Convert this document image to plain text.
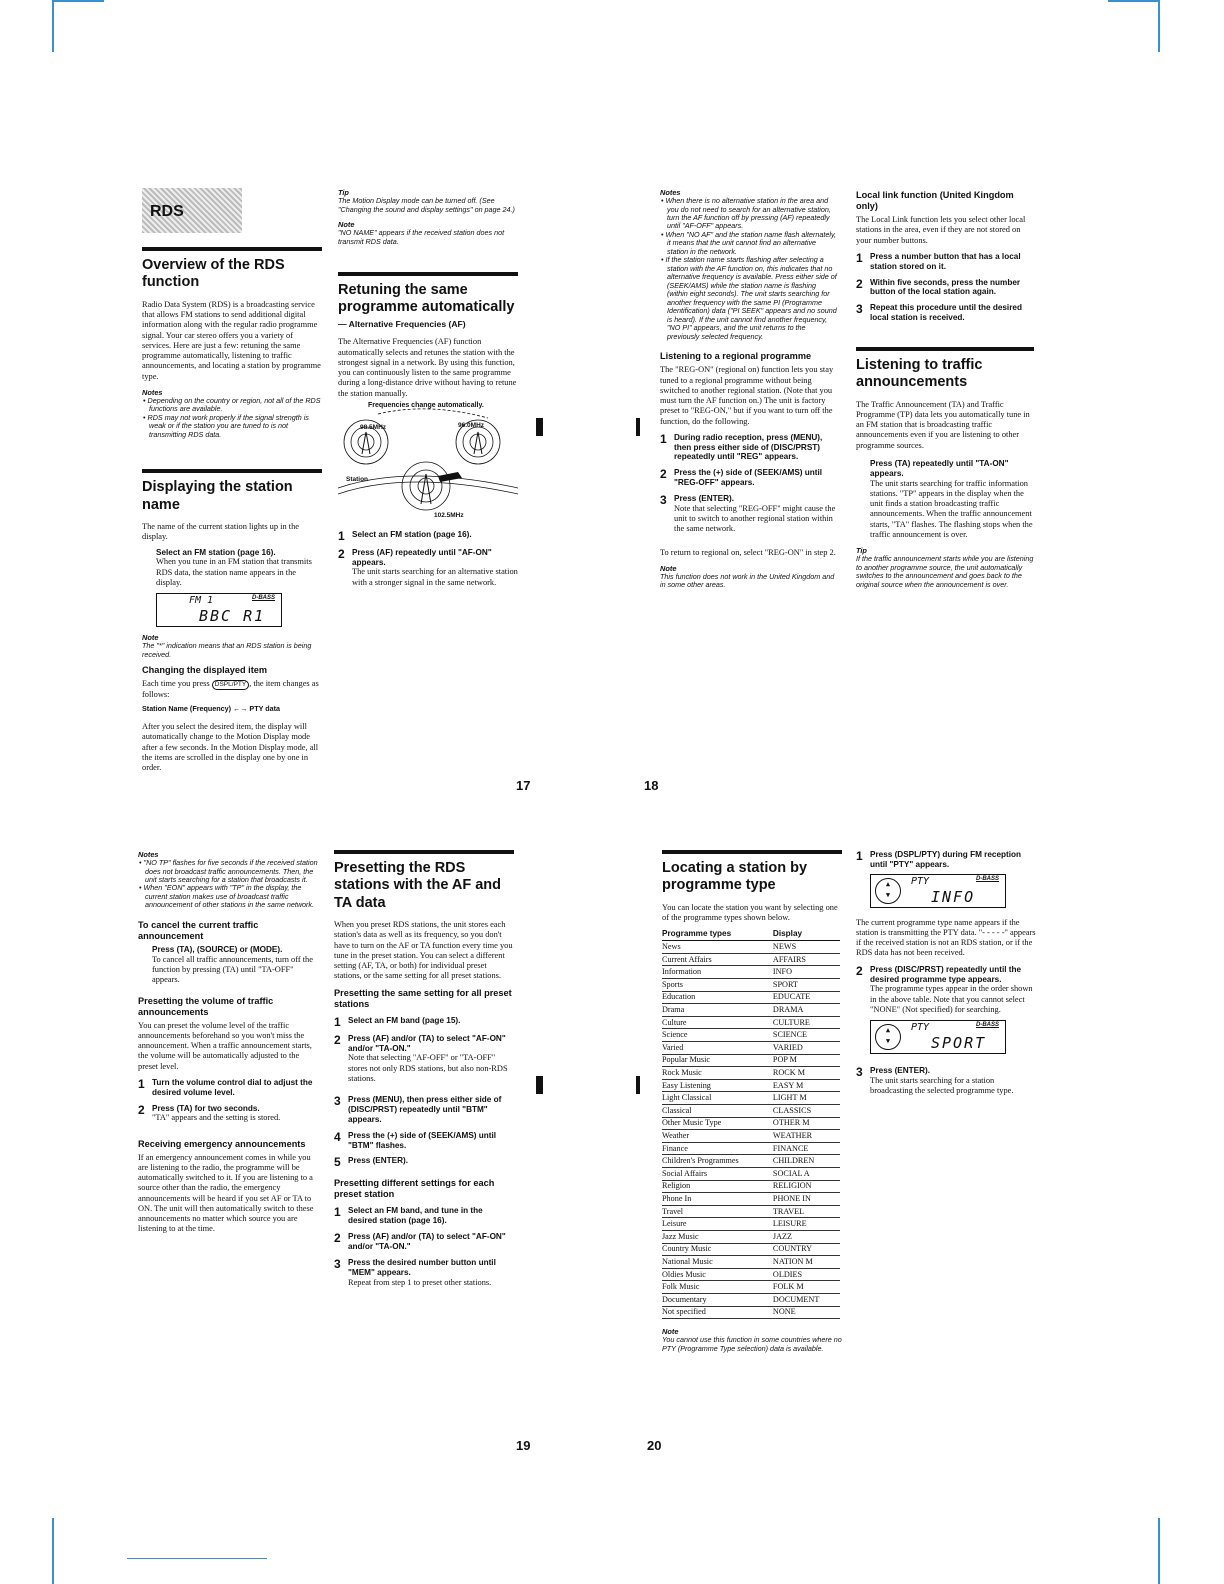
17	18
19	20
RDS
Overview of the RDS function

Radio Data System (RDS) is a broadcasting service that allows FM stations to send additional digital information along with the regular radio programme signal. Your car stereo offers you a variety of services. Here are just a few: retuning the same programme automatically, listening to traffic announcements, and locating a station by programme type.

Notes
• Depending on the country or region, not all of the RDS functions are available.
• RDS may not work properly if the signal strength is weak or if the station you are tuned to is not transmitting RDS data.
Displaying the station name

The name of the current station lights up in the display.

Select an FM station (page 16).

When you tune in an FM station that transmits RDS data, the station name appears in the display.

FM 1	D-BASS
BBC R1
Note
The "*" indication means that an RDS station is being received.
Changing the displayed item

Each time you press DSPL/PTY , the item changes as follows:

Station Name (Frequency) ←→ PTY data

After you select the desired item, the display will automatically change to the Motion Display mode after a few seconds. In the Motion Display mode, all the items are scrolled in the display one by one in order.

Tip
The Motion Display mode can be turned off. (See "Changing the sound and display settings" on page 24.)
Note
"NO NAME" appears if the received station does not transmit RDS data.
Retuning the same programme automatically
— Alternative Frequencies (AF)

The Alternative Frequencies (AF) function automatically selects and retunes the station with the strongest signal in a network. By using this function, you can continuously listen to the same programme during a long-distance drive without having to retune the station manually.

Frequencies change automatically.
98.5MHz	96.0MHz
102.5MHz
Station
1 Select an FM station (page 16).
2 Press (AF) repeatedly until "AF-ON" appears.

The unit starts searching for an alternative station with a stronger signal in the same network.

Notes
• When there is no alternative station in the area and you do not need to search for an alternative station, turn the AF function off by pressing (AF) repeatedly until "AF-OFF" appears.
• When "NO AF" and the station name flash alternately, it means that the unit cannot find an alternative station in the network.
• If the station name starts flashing after selecting a station with the AF function on, this indicates that no alternative frequency is available. Press either side of (SEEK/AMS) while the station name is flashing (within eight seconds). The unit starts searching for another frequency with the same PI (Programme Identification) data ("PI SEEK" appears and no sound is heard). If the unit cannot find another frequency, "NO PI" appears, and the unit returns to the previously selected frequency.
Listening to a regional programme

The "REG-ON" (regional on) function lets you stay tuned to a regional programme without being switched to another regional station. (Note that you must turn the AF function on.) The unit is factory preset to "REG-ON," but if you want to turn off the function, do the following.

1 During radio reception, press (MENU), then press either side of (DISC/PRST) repeatedly until "REG" appears.
2 Press the (+) side of (SEEK/AMS) until "REG-OFF" appears.
3 Press (ENTER).

Note that selecting "REG-OFF" might cause the unit to switch to another regional station within the same network.

To return to regional on, select "REG-ON" in step 2.

Note
This function does not work in the United Kingdom and in some other areas.
Local link function (United Kingdom only)

The Local Link function lets you select other local stations in the area, even if they are not stored on your number buttons.

1 Press a number button that has a local station stored on it.
2 Within five seconds, press the number button of the local station again.
3 Repeat this procedure until the desired local station is received.
Listening to traffic announcements

The Traffic Announcement (TA) and Traffic Programme (TP) data lets you automatically tune in an FM station that is broadcasting traffic announcements even if you are listening to other programme sources.

Press (TA) repeatedly until "TA-ON" appears.

The unit starts searching for traffic information stations. "TP" appears in the display when the unit finds a station broadcasting traffic announcements. When the traffic announcement starts, "TA" flashes. The flashing stops when the traffic announcement is over.

Tip
If the traffic announcement starts while you are listening to another programme source, the unit automatically switches to the announcement and goes back to the original source when the announcement is over.
Notes
• "NO TP" flashes for five seconds if the received station does not broadcast traffic announcements. Then, the unit starts searching for a station that broadcasts it.
• When "EON" appears with "TP" in the display, the current station makes use of broadcast traffic announcement of other stations in the same network.
To cancel the current traffic announcement
Press (TA), (SOURCE) or (MODE).

To cancel all traffic announcements, turn off the function by pressing (TA) until "TA-OFF" appears.

Presetting the volume of traffic announcements

You can preset the volume level of the traffic announcements beforehand so you won't miss the announcement. When a traffic announcement starts, the volume will be automatically adjusted to the preset level.

1 Turn the volume control dial to adjust the desired volume level.
2 Press (TA) for two seconds.

"TA" appears and the setting is stored.

Receiving emergency announcements

If an emergency announcement comes in while you are listening to the radio, the programme will be automatically switched to it. If you are listening to a source other than the radio, the emergency announcements will be heard if you set AF or TA to ON. The unit will then automatically switch to these announcements no matter which source you are listening to at the time.

Presetting the RDS stations with the AF and TA data

When you preset RDS stations, the unit stores each station's data as well as its frequency, so you don't have to turn on the AF or TA function every time you tune in the preset station. You can select a different setting (AF, TA, or both) for individual preset stations, or the same setting for all preset stations.

Presetting the same setting for all preset stations
1 Select an FM band (page 15).
2 Press (AF) and/or (TA) to select "AF-ON" and/or "TA-ON."

Note that selecting "AF-OFF" or "TA-OFF" stores not only RDS stations, but also non-RDS stations.

3 Press (MENU), then press either side of (DISC/PRST) repeatedly until "BTM" appears.
4 Press the (+) side of (SEEK/AMS) until "BTM" flashes.
5 Press (ENTER).
Presetting different settings for each preset station
1 Select an FM band, and tune in the desired station (page 16).
2 Press (AF) and/or (TA) to select "AF-ON" and/or "TA-ON."
3 Press the desired number button until "MEM" appears.

Repeat from step 1 to preset other stations.

Locating a station by programme type

You can locate the station you want by selecting one of the programme types shown below.

Programme types	Display
News	NEWS
Current Affairs	AFFAIRS
Information	INFO
Sports	SPORT
Education	EDUCATE
Drama	DRAMA
Culture	CULTURE
Science	SCIENCE
Varied	VARIED
Popular Music	POP M
Rock Music	ROCK M
Easy Listening	EASY M
Light Classical	LIGHT M
Classical	CLASSICS
Other Music Type	OTHER M
Weather	WEATHER
Finance	FINANCE
Children's Programmes	CHILDREN
Social Affairs	SOCIAL A
Religion	RELIGION
Phone In	PHONE IN
Travel	TRAVEL
Leisure	LEISURE
Jazz Music	JAZZ
Country Music	COUNTRY
National Music	NATION M
Oldies Music	OLDIES
Folk Music	FOLK M
Documentary	DOCUMENT
Not specified	NONE
Note
You cannot use this function in some countries where no PTY (Programme Type selection) data is available.
1 Press (DSPL/PTY) during FM reception until "PTY" appears.
▲
▼
PTY	D-BASS
INFO

The current programme type name appears if the station is transmitting the PTY data. "- - - - -" appears if the received station is not an RDS station, or if the RDS data has not been received.

2 Press (DISC/PRST) repeatedly until the desired programme type appears.

The programme types appear in the order shown in the above table. Note that you cannot select "NONE" (Not specified) for searching.

▲
▼
PTY	D-BASS
SPORT
3 Press (ENTER).

The unit starts searching for a station broadcasting the selected programme type.
